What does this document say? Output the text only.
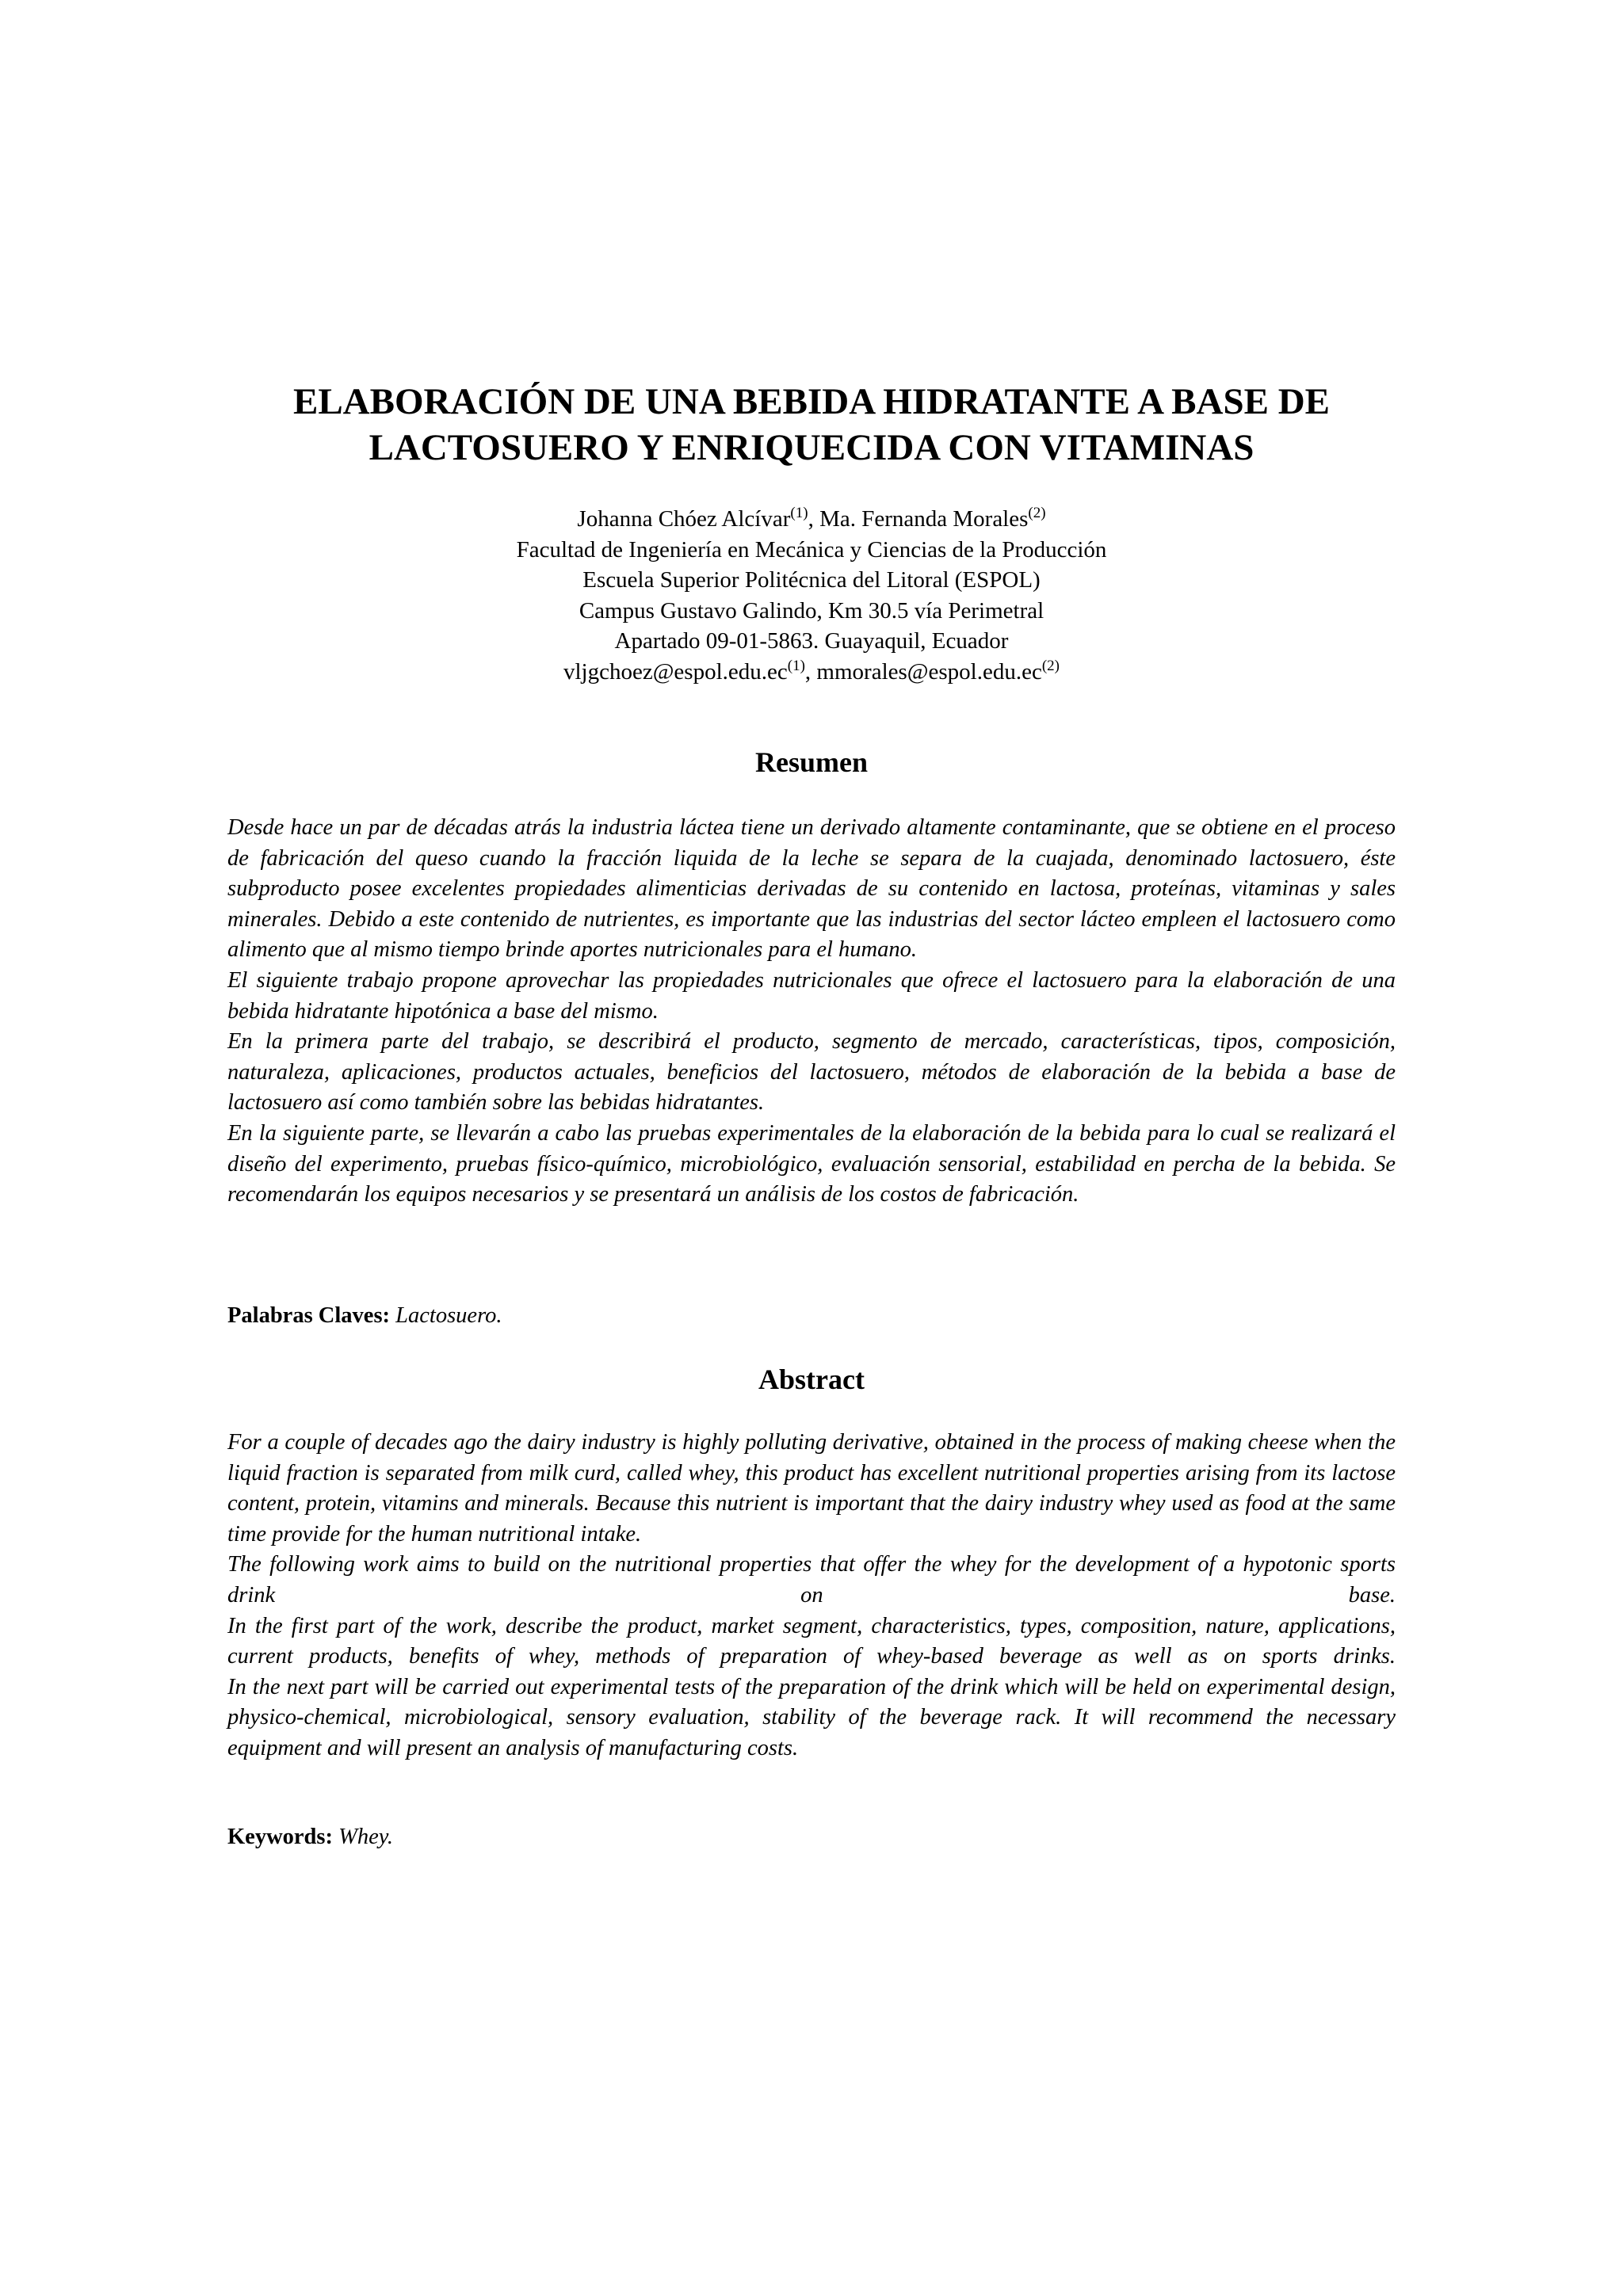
ELABORACIÓN DE UNA BEBIDA HIDRATANTE A BASE DE
LACTOSUERO Y ENRIQUECIDA CON VITAMINAS
Johanna Chóez Alcívar$^{(1)}$, Ma. Fernanda Morales$^{(2)}$
Facultad de Ingeniería en Mecánica y Ciencias de la Producción
Escuela Superior Politécnica del Litoral (ESPOL)
Campus Gustavo Galindo, Km 30.5 vía Perimetral
Apartado 09-01-5863. Guayaquil, Ecuador
$vljgchoez@espol.edu.ec^{(1)}$, $mmorales@espol.edu.ec^{(2)}$
Resumen

Desde hace un par de décadas atrás la industria láctea tiene un derivado altamente contaminante, que se obtiene en el proceso de fabricación del queso cuando la fracción liquida de la leche se separa de la cuajada, denominado lactosuero, éste subproducto posee excelentes propiedades alimenticias derivadas de su contenido en lactosa, proteínas, vitaminas y sales minerales. Debido a este contenido de nutrientes, es importante que las industrias del sector lácteo empleen el lactosuero como alimento que al mismo tiempo brinde aportes nutricionales para el humano.

El siguiente trabajo propone aprovechar las propiedades nutricionales que ofrece el lactosuero para la elaboración de una bebida hidratante hipotónica a base del mismo.

En la primera parte del trabajo, se describirá el producto, segmento de mercado, características, tipos, composición, naturaleza, aplicaciones, productos actuales, beneficios del lactosuero, métodos de elaboración de la bebida a base de lactosuero así como también sobre las bebidas hidratantes.

En la siguiente parte, se llevarán a cabo las pruebas experimentales de la elaboración de la bebida para lo cual se realizará el diseño del experimento, pruebas físico-químico, microbiológico, evaluación sensorial, estabilidad en percha de la bebida. Se recomendarán los equipos necesarios y se presentará un análisis de los costos de fabricación.

Palabras Claves: Lactosuero.
Abstract

For a couple of decades ago the dairy industry is highly polluting derivative, obtained in the process of making cheese when the liquid fraction is separated from milk curd, called whey, this product has excellent nutritional properties arising from its lactose content, protein, vitamins and minerals. Because this nutrient is important that the dairy industry whey used as food at the same time provide for the human nutritional intake.

The following work aims to build on the nutritional properties that offer the whey for the development of a hypotonic sports drink on base.

In the first part of the work, describe the product, market segment, characteristics, types, composition, nature, applications, current products, benefits of whey, methods of preparation of whey-based beverage as well as on sports drinks.

In the next part will be carried out experimental tests of the preparation of the drink which will be held on experimental design, physico-chemical, microbiological, sensory evaluation, stability of the beverage rack. It will recommend the necessary equipment and will present an analysis of manufacturing costs.

Keywords: Whey.
